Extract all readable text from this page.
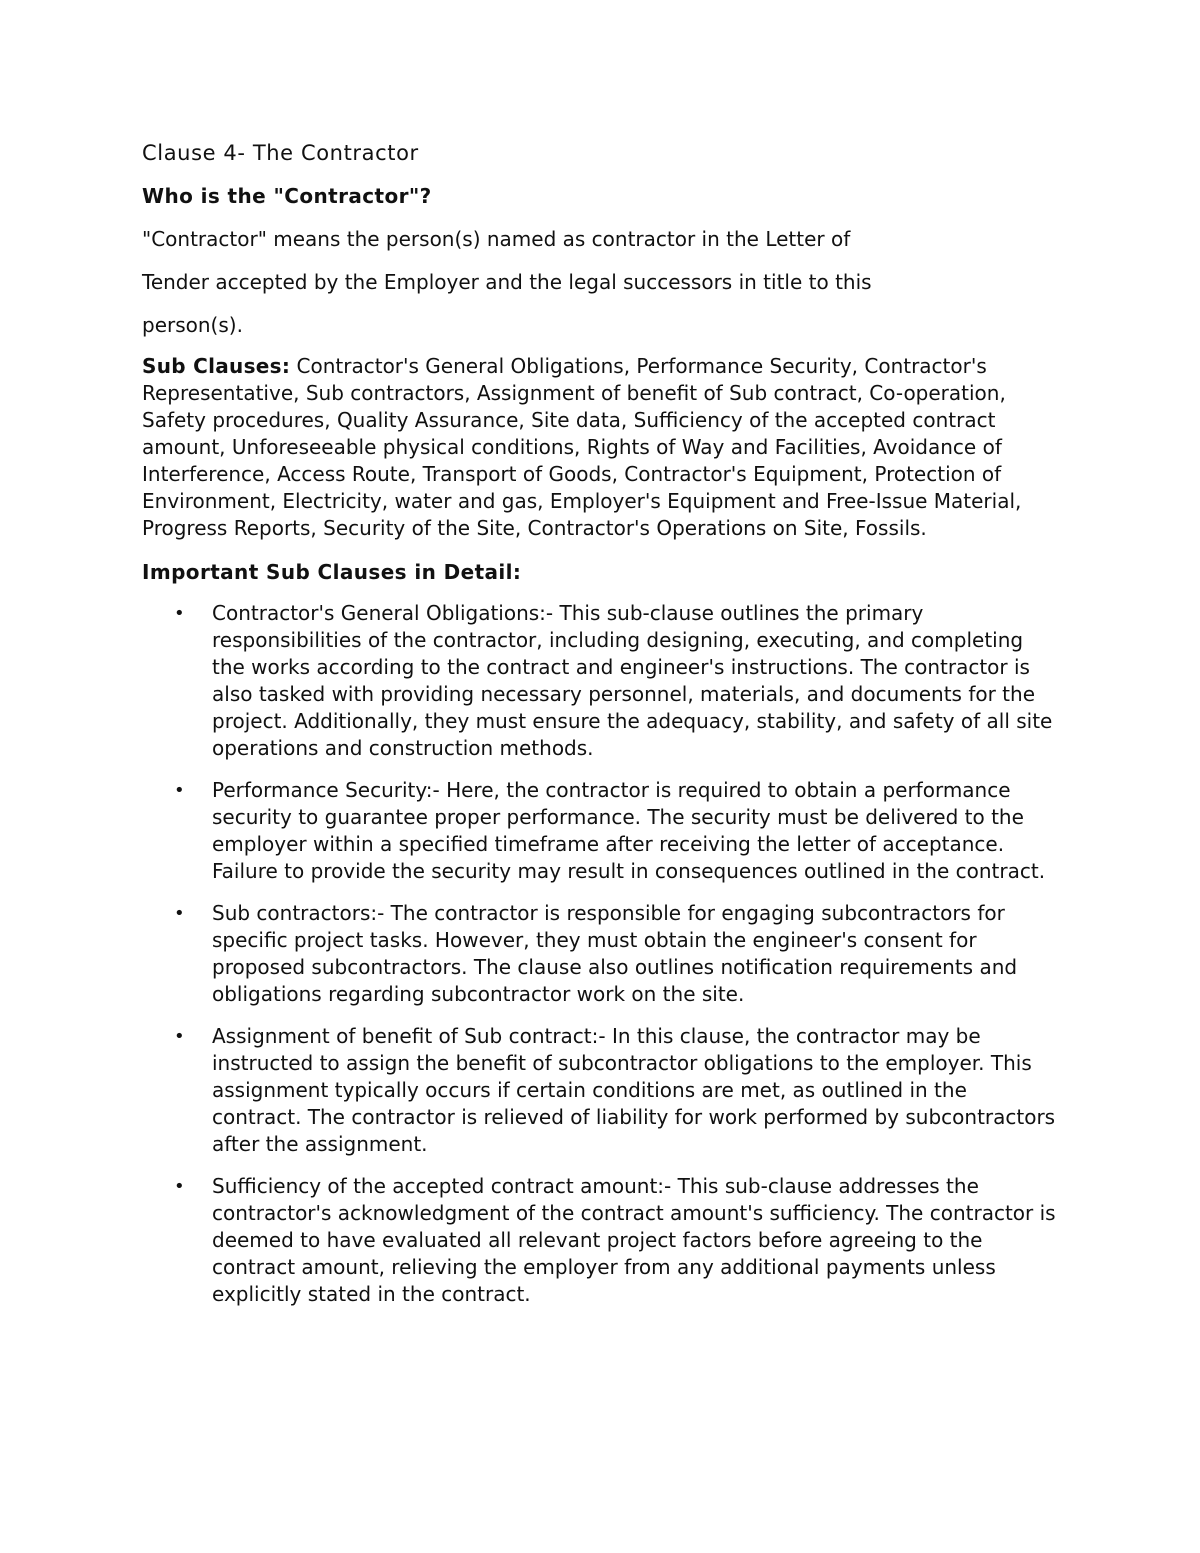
Clause 4- The Contractor

Who is the "Contractor"?

"Contractor" means the person(s) named as contractor in the Letter of

Tender accepted by the Employer and the legal successors in title to this

person(s).

Sub Clauses: Contractor's General Obligations, Performance Security, Contractor's Representative, Sub contractors, Assignment of benefit of Sub contract, Co-operation, Safety procedures, Quality Assurance, Site data, Sufficiency of the accepted contract amount, Unforeseeable physical conditions, Rights of Way and Facilities, Avoidance of Interference, Access Route, Transport of Goods, Contractor's Equipment, Protection of Environment, Electricity, water and gas, Employer's Equipment and Free-Issue Material, Progress Reports, Security of the Site, Contractor's Operations on Site, Fossils.

Important Sub Clauses in Detail:

• Contractor's General Obligations:- This sub-clause outlines the primary responsibilities of the contractor, including designing, executing, and completing the works according to the contract and engineer's instructions. The contractor is also tasked with providing necessary personnel, materials, and documents for the project. Additionally, they must ensure the adequacy, stability, and safety of all site operations and construction methods.
• Performance Security:- Here, the contractor is required to obtain a performance security to guarantee proper performance. The security must be delivered to the employer within a specified timeframe after receiving the letter of acceptance. Failure to provide the security may result in consequences outlined in the contract.
• Sub contractors:- The contractor is responsible for engaging subcontractors for specific project tasks. However, they must obtain the engineer's consent for proposed subcontractors. The clause also outlines notification requirements and obligations regarding subcontractor work on the site.
• Assignment of benefit of Sub contract:- In this clause, the contractor may be instructed to assign the benefit of subcontractor obligations to the employer. This assignment typically occurs if certain conditions are met, as outlined in the contract. The contractor is relieved of liability for work performed by subcontractors after the assignment.
• Sufficiency of the accepted contract amount:- This sub-clause addresses the contractor's acknowledgment of the contract amount's sufficiency. The contractor is deemed to have evaluated all relevant project factors before agreeing to the contract amount, relieving the employer from any additional payments unless explicitly stated in the contract.
